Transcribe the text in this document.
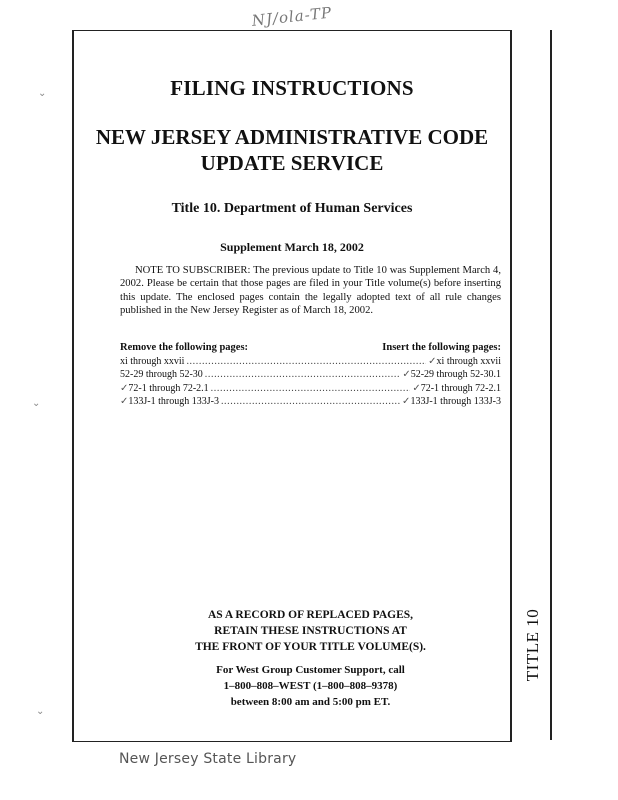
NJ/ola-TP
FILING INSTRUCTIONS
NEW JERSEY ADMINISTRATIVE CODE
UPDATE SERVICE
Title 10. Department of Human Services
Supplement March 18, 2002
NOTE TO SUBSCRIBER: The previous update to Title 10 was Supplement March 4, 2002. Please be certain that those pages are filed in your Title volume(s) before inserting this update. The enclosed pages contain the legally adopted text of all rule changes published in the New Jersey Register as of March 18, 2002.
Remove the following pages:	Insert the following pages:
xi through xxvii .....	✓ xi through xxvii
52-29 through 52-30 .....	✓ 52-29 through 52-30.1
✓ 72-1 through 72-2.1 .....	✓ 72-1 through 72-2.1
✓ 133J-1 through 133J-3 .....	✓ 133J-1 through 133J-3
AS A RECORD OF REPLACED PAGES,
RETAIN THESE INSTRUCTIONS AT
THE FRONT OF YOUR TITLE VOLUME(S).
For West Group Customer Support, call
1–800–808–WEST (1–800–808–9378)
between 8:00 am and 5:00 pm ET.
TITLE 10
New Jersey State Library
⌄
⌄
⌄
